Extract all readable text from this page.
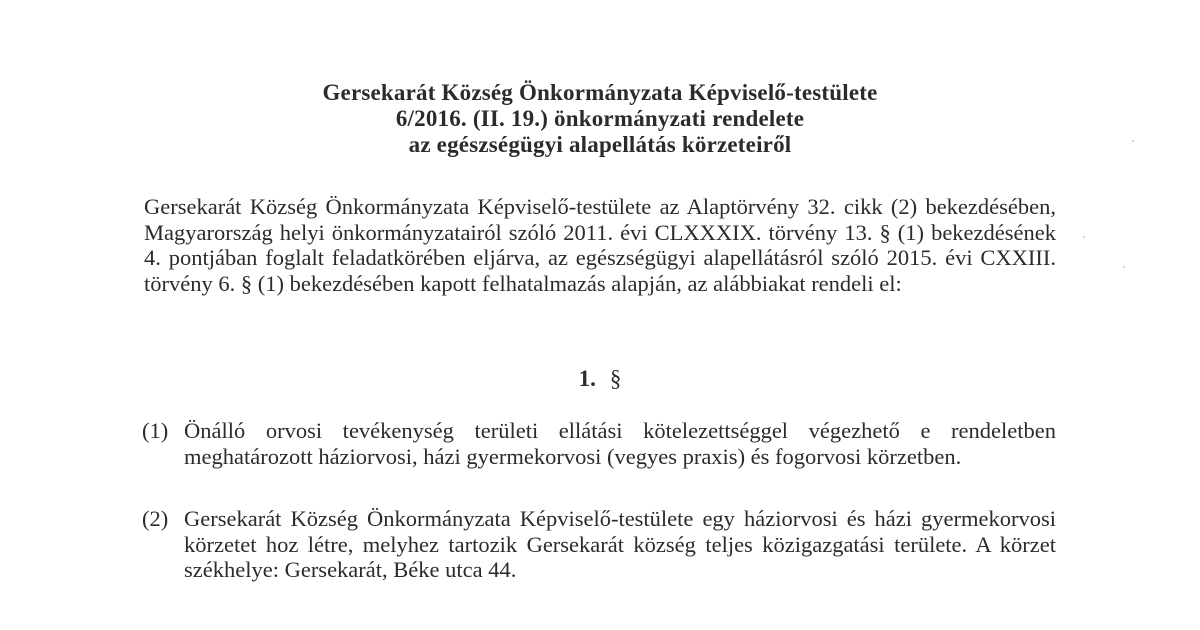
Gersekarát Község Önkormányzata Képviselő-testülete
6/2016. (II. 19.) önkormányzati rendelete
az egészségügyi alapellátás körzeteiről
Gersekarát Község Önkormányzata Képviselő-testülete az Alaptörvény 32. cikk (2) bekezdésében, Magyarország helyi önkormányzatairól szóló 2011. évi CLXXXIX. törvény 13. § (1) bekezdésének 4. pontjában foglalt feladatkörében eljárva, az egészségügyi alapellátásról szóló 2015. évi CXXIII. törvény 6. § (1) bekezdésében kapott felhatalmazás alapján, az alábbiakat rendeli el:
1. §
(1) Önálló orvosi tevékenység területi ellátási kötelezettséggel végezhető e rendeletben meghatározott háziorvosi, házi gyermekorvosi (vegyes praxis) és fogorvosi körzetben.
(2) Gersekarát Község Önkormányzata Képviselő-testülete egy háziorvosi és házi gyermekorvosi körzetet hoz létre, melyhez tartozik Gersekarát község teljes közigazgatási területe. A körzet székhelye: Gersekarát, Béke utca 44.
